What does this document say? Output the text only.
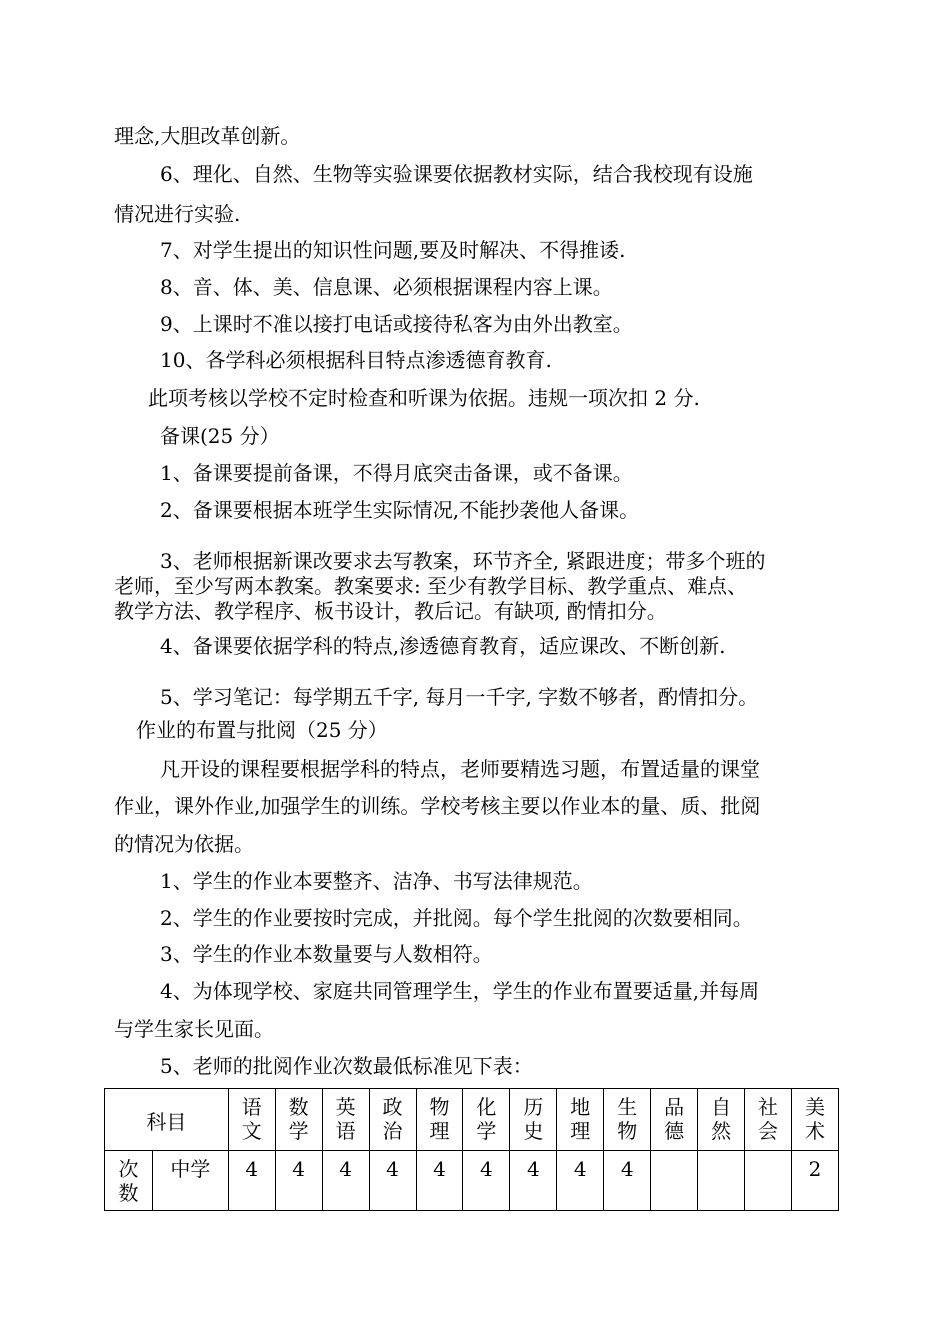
理念,大胆改革创新。
6、理化、自然、生物等实验课要依据教材实际，结合我校现有设施
情况进行实验.
7、对学生提出的知识性问题,要及时解决、不得推诿.
8、音、体、美、信息课、必须根据课程内容上课。
9、上课时不准以接打电话或接待私客为由外出教室。
10、各学科必须根据科目特点渗透德育教育.
此项考核以学校不定时检查和听课为依据。违规一项次扣 2 分.
备课(25 分）
1、备课要提前备课，不得月底突击备课，或不备课。
2、备课要根据本班学生实际情况,不能抄袭他人备课。
3、老师根据新课改要求去写教案，环节齐全, 紧跟进度；带多个班的
老师，至少写两本教案。教案要求: 至少有教学目标、教学重点、难点、
教学方法、教学程序、板书设计，教后记。有缺项, 酌情扣分。
4、备课要依据学科的特点,渗透德育教育，适应课改、不断创新.
5、学习笔记：每学期五千字, 每月一千字, 字数不够者，酌情扣分。
作业的布置与批阅（25 分）
凡开设的课程要根据学科的特点，老师要精选习题，布置适量的课堂
作业，课外作业,加强学生的训练。学校考核主要以作业本的量、质、批阅
的情况为依据。
1、学生的作业本要整齐、洁净、书写法律规范。
2、学生的作业要按时完成，并批阅。每个学生批阅的次数要相同。
3、学生的作业本数量要与人数相符。
4、为体现学校、家庭共同管理学生，学生的作业布置要适量,并每周
与学生家长见面。
5、老师的批阅作业次数最低标准见下表：
科目		语文	数学	英语	政治	物理	化学	历史	地理	生物	品德	自然	社会	美术
次数	中学	4	4	4	4	4	4	4	4	4				2
